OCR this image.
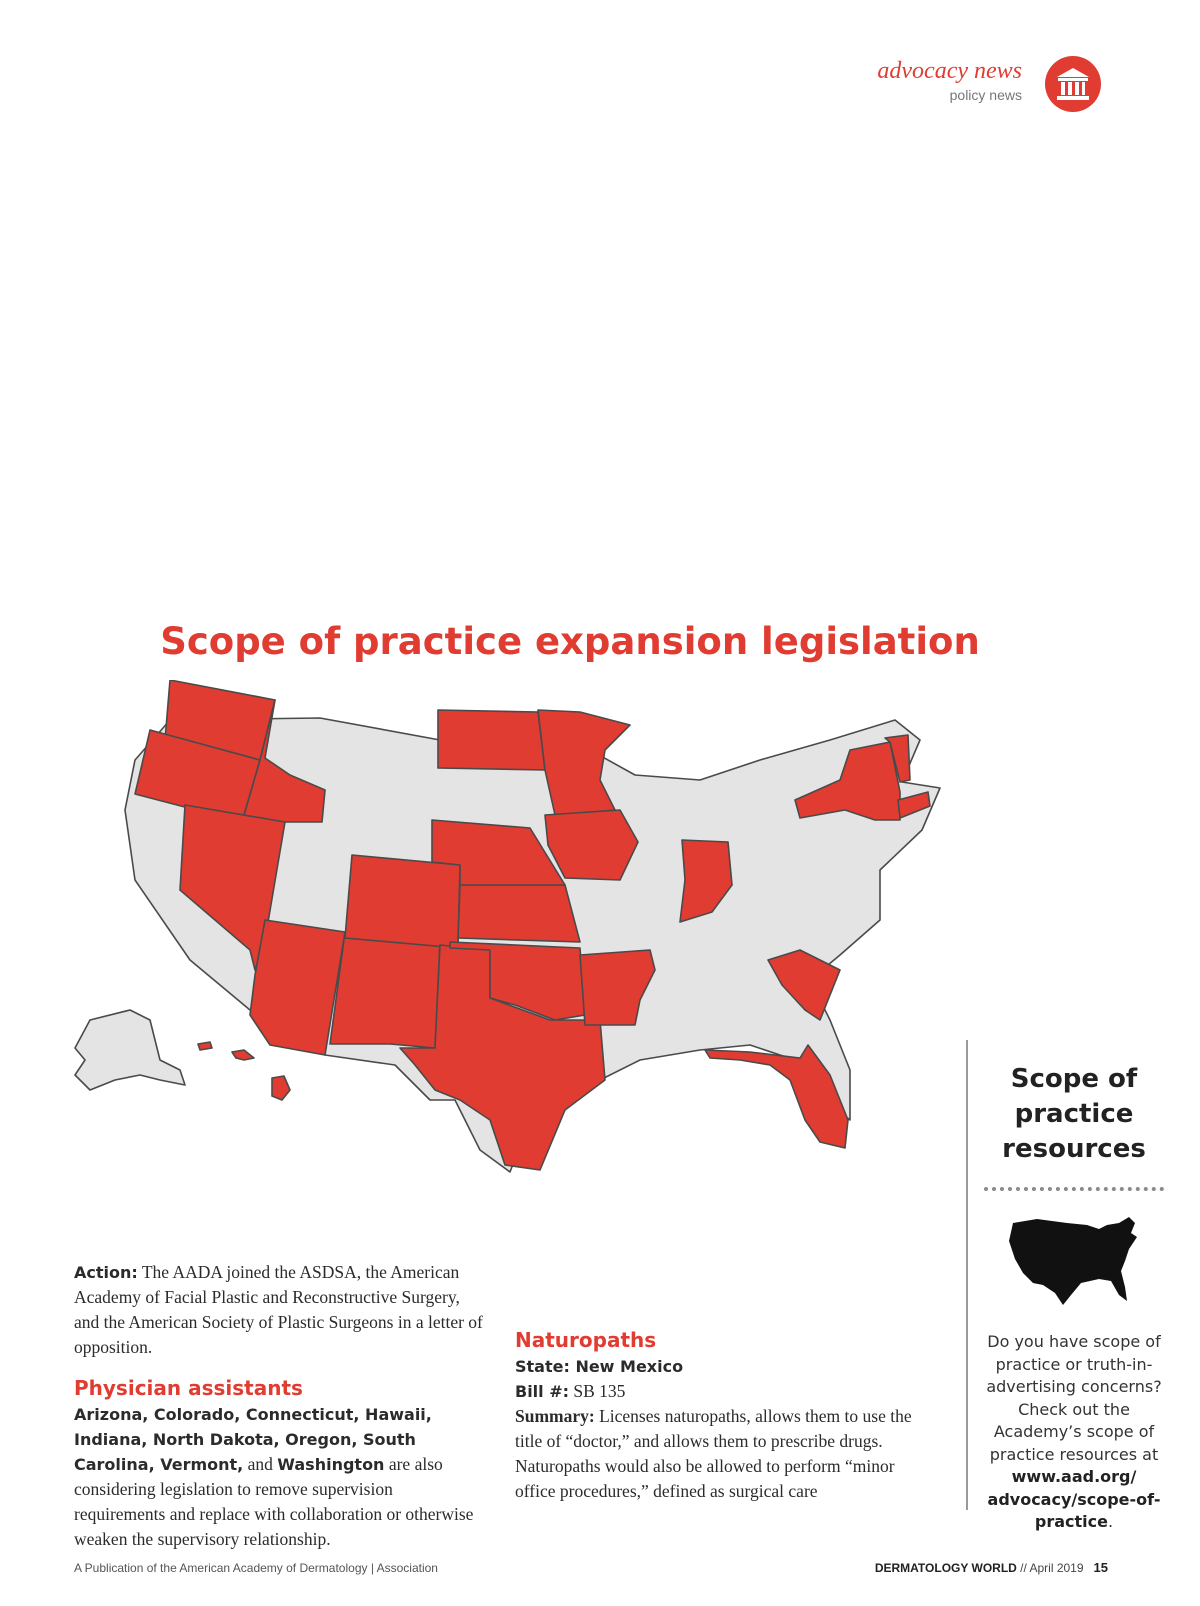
advocacy news
policy news
Scope of practice expansion legislation

Action: The AADA joined the ASDSA, the American Academy of Facial Plastic and Reconstructive Surgery, and the American Society of Plastic Surgeons in a letter of opposition.

Physician assistants

Arizona, Colorado, Connecticut, Hawaii, Indiana, North Dakota, Oregon, South Carolina, Vermont, and Washington are also considering legislation to remove supervision requirements and replace with collaboration or otherwise weaken the supervisory relationship.

Naturopaths

State: New Mexico

Bill #: SB 135

Summary: Licenses naturopaths, allows them to use the title of “doctor,” and allows them to prescribe drugs. Naturopaths would also be allowed to perform “minor office procedures,” defined as surgical care

Scope of practice resources

Do you have scope of practice or truth-in-advertising concerns? Check out the Academy’s scope of practice resources at www.aad.org/ advocacy/scope-of-practice.

A Publication of the American Academy of Dermatology | Association	DERMATOLOGY WORLD // April 2019 15
